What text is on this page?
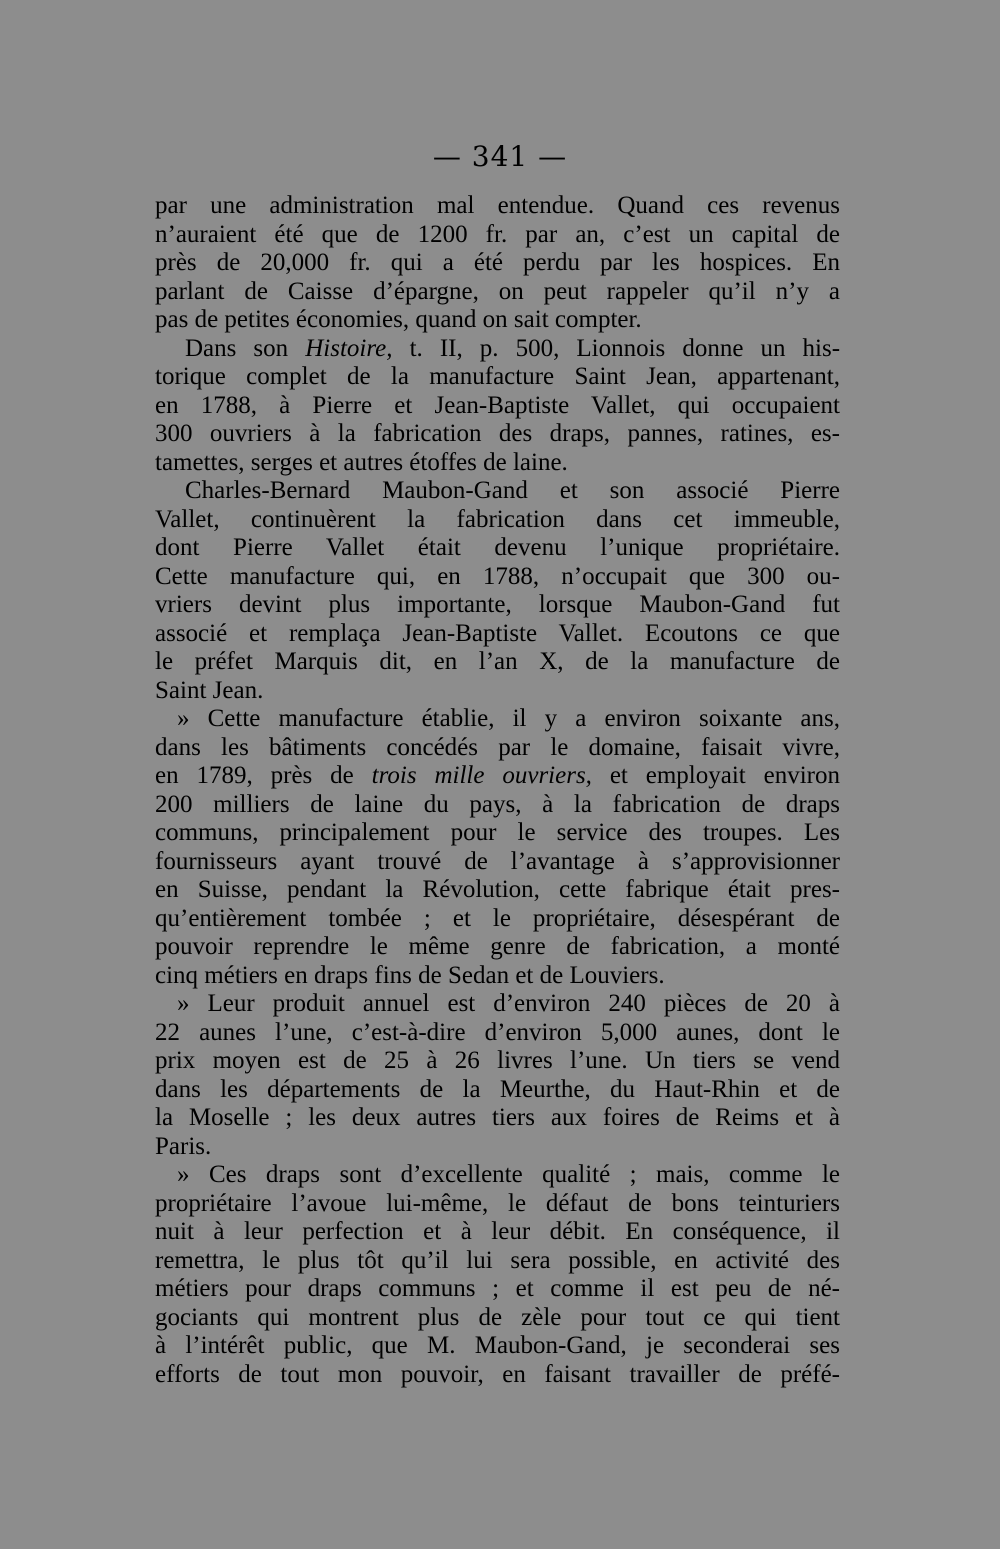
— 341 —
par une administration mal entendue. Quand ces revenus
n’auraient été que de 1200 fr. par an, c’est un capital de
près de 20,000 fr. qui a été perdu par les hospices. En
parlant de Caisse d’épargne, on peut rappeler qu’il n’y a
pas de petites économies, quand on sait compter.
Dans son Histoire, t. II, p. 500, Lionnois donne un his-
torique complet de la manufacture Saint Jean, appartenant,
en 1788, à Pierre et Jean-Baptiste Vallet, qui occupaient
300 ouvriers à la fabrication des draps, pannes, ratines, es-
tamettes, serges et autres étoffes de laine.
Charles-Bernard Maubon-Gand et son associé Pierre
Vallet, continuèrent la fabrication dans cet immeuble,
dont Pierre Vallet était devenu l’unique propriétaire.
Cette manufacture qui, en 1788, n’occupait que 300 ou-
vriers devint plus importante, lorsque Maubon-Gand fut
associé et remplaça Jean-Baptiste Vallet. Ecoutons ce que
le préfet Marquis dit, en l’an X, de la manufacture de
Saint Jean.
» Cette manufacture établie, il y a environ soixante ans,
dans les bâtiments concédés par le domaine, faisait vivre,
en 1789, près de trois mille ouvriers, et employait environ
200 milliers de laine du pays, à la fabrication de draps
communs, principalement pour le service des troupes. Les
fournisseurs ayant trouvé de l’avantage à s’approvisionner
en Suisse, pendant la Révolution, cette fabrique était pres-
qu’entièrement tombée ; et le propriétaire, désespérant de
pouvoir reprendre le même genre de fabrication, a monté
cinq métiers en draps fins de Sedan et de Louviers.
» Leur produit annuel est d’environ 240 pièces de 20 à
22 aunes l’une, c’est-à-dire d’environ 5,000 aunes, dont le
prix moyen est de 25 à 26 livres l’une. Un tiers se vend
dans les départements de la Meurthe, du Haut-Rhin et de
la Moselle ; les deux autres tiers aux foires de Reims et à
Paris.
» Ces draps sont d’excellente qualité ; mais, comme le
propriétaire l’avoue lui-même, le défaut de bons teinturiers
nuit à leur perfection et à leur débit. En conséquence, il
remettra, le plus tôt qu’il lui sera possible, en activité des
métiers pour draps communs ; et comme il est peu de né-
gociants qui montrent plus de zèle pour tout ce qui tient
à l’intérêt public, que M. Maubon-Gand, je seconderai ses
efforts de tout mon pouvoir, en faisant travailler de préfé-
